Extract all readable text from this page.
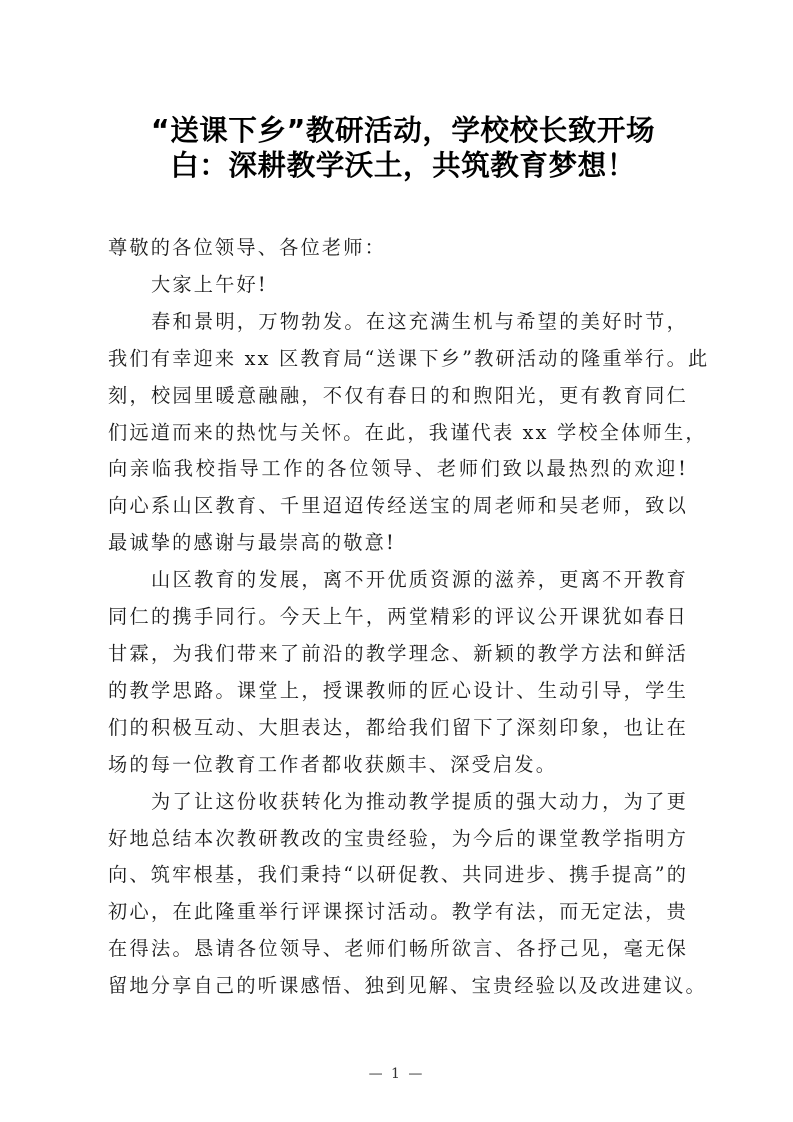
“送课下乡”教研活动，学校校长致开场
白：深耕教学沃土，共筑教育梦想！

尊敬的各位领导、各位老师：

大家上午好!

春和景明，万物勃发。在这充满生机与希望的美好时节，

我们有幸迎来 xx 区教育局“送课下乡”教研活动的隆重举行。此
刻，校园里暖意融融，不仅有春日的和煦阳光，更有教育同仁
们远道而来的热忱与关怀。在此，我谨代表 xx 学校全体师生，
向亲临我校指导工作的各位领导、老师们致以最热烈的欢迎!
向心系山区教育、千里迢迢传经送宝的周老师和吴老师，致以
最诚挚的感谢与最崇高的敬意!

山区教育的发展，离不开优质资源的滋养，更离不开教育

同仁的携手同行。今天上午，两堂精彩的评议公开课犹如春日
甘霖，为我们带来了前沿的教学理念、新颖的教学方法和鲜活
的教学思路。课堂上，授课教师的匠心设计、生动引导，学生
们的积极互动、大胆表达，都给我们留下了深刻印象，也让在
场的每一位教育工作者都收获颇丰、深受启发。

为了让这份收获转化为推动教学提质的强大动力，为了更

好地总结本次教研教改的宝贵经验，为今后的课堂教学指明方
向、筑牢根基，我们秉持“以研促教、共同进步、携手提高”的
初心，在此隆重举行评课探讨活动。教学有法，而无定法，贵
在得法。恳请各位领导、老师们畅所欲言、各抒己见，毫无保
留地分享自己的听课感悟、独到见解、宝贵经验以及改进建议。

— 1 —
